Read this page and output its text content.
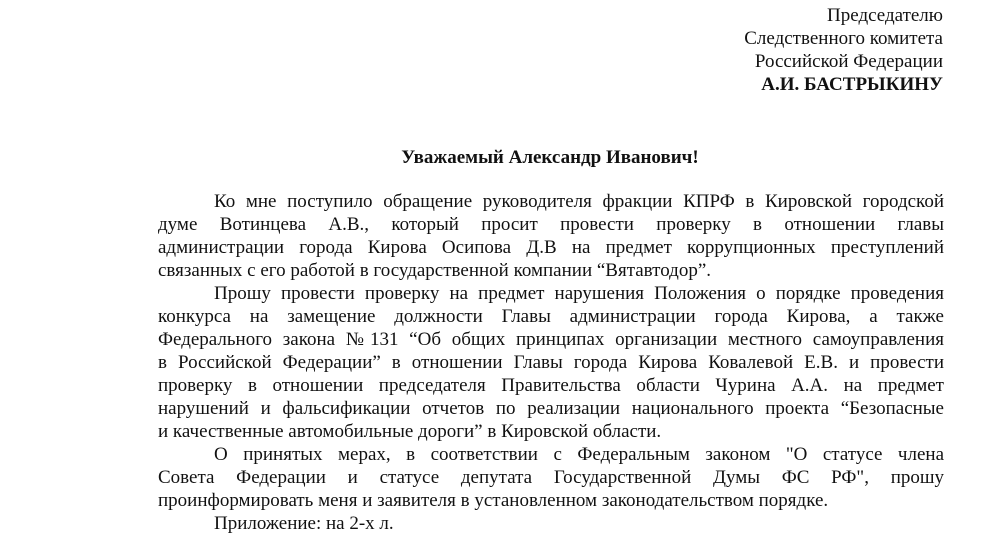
Председателю
Следственного комитета
Российской Федерации
А.И. БАСТРЫКИНУ
Уважаемый Александр Иванович!
Ко мне поступило обращение руководителя фракции КПРФ в Кировской городской
думе Вотинцева А.В., который просит провести проверку в отношении главы
администрации города Кирова Осипова Д.В на предмет коррупционных преступлений
связанных с его работой в государственной компании “Вятавтодор”.
Прошу провести проверку на предмет нарушения Положения о порядке проведения
конкурса на замещение должности Главы администрации города Кирова, а также
Федерального закона №131 “Об общих принципах организации местного самоуправления
в Российской Федерации” в отношении Главы города Кирова Ковалевой Е.В. и провести
проверку в отношении председателя Правительства области Чурина А.А. на предмет
нарушений и фальсификации отчетов по реализации национального проекта “Безопасные
и качественные автомобильные дороги” в Кировской области.
О принятых мерах, в соответствии с Федеральным законом "О статусе члена
Совета Федерации и статусе депутата Государственной Думы ФС РФ", прошу
проинформировать меня и заявителя в установленном законодательством порядке.
Приложение: на 2-х л.
